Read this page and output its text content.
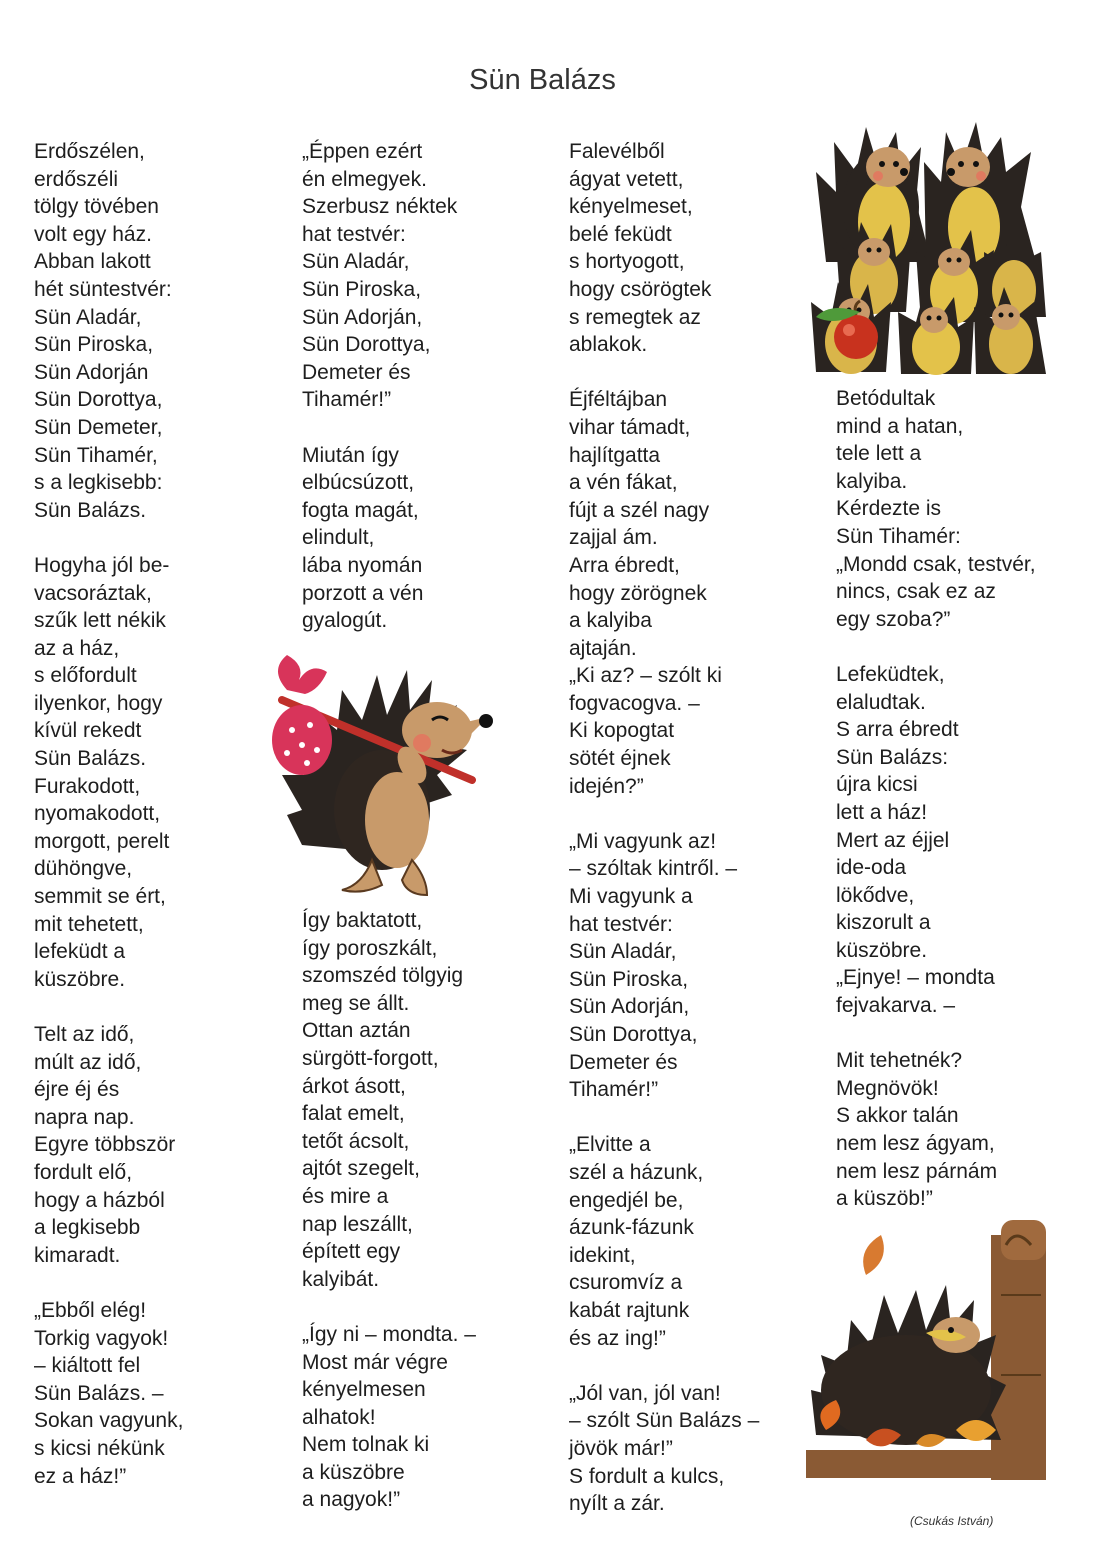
Sün Balázs
Erdőszélen,
erdőszéli
tölgy tövében
volt egy ház.
Abban lakott
hét süntestvér:
Sün Aladár,
Sün Piroska,
Sün Adorján
Sün Dorottya,
Sün Demeter,
Sün Tihamér,
s a legkisebb:
Sün Balázs.
Hogyha jól be-
vacsoráztak,
szűk lett nékik
az a ház,
s előfordult
ilyenkor, hogy
kívül rekedt
Sün Balázs.
Furakodott,
nyomakodott,
morgott, perelt
dühöngve,
semmit se ért,
mit tehetett,
lefeküdt a
küszöbre.
Telt az idő,
múlt az idő,
éjre éj és
napra nap.
Egyre többször
fordult elő,
hogy a házból
a legkisebb
kimaradt.
„Ebből elég!
Torkig vagyok!
– kiáltott fel
Sün Balázs. –
Sokan vagyunk,
s kicsi nékünk
ez a ház!”
„Éppen ezért
én elmegyek.
Szerbusz néktek
hat testvér:
Sün Aladár,
Sün Piroska,
Sün Adorján,
Sün Dorottya,
Demeter és
Tihamér!”
Miután így
elbúcsúzott,
fogta magát,
elindult,
lába nyomán
porzott a vén
gyalogút.
Így baktatott,
így poroszkált,
szomszéd tölgyig
meg se állt.
Ottan aztán
sürgött-forgott,
árkot ásott,
falat emelt,
tetőt ácsolt,
ajtót szegelt,
és mire a
nap leszállt,
épített egy
kalyibát.
„Így ni – mondta. –
Most már végre
kényelmesen
alhatok!
Nem tolnak ki
a küszöbre
a nagyok!”
Falevélből
ágyat vetett,
kényelmeset,
belé feküdt
s hortyogott,
hogy csörögtek
s remegtek az
ablakok.
Éjféltájban
vihar támadt,
hajlítgatta
a vén fákat,
fújt a szél nagy
zajjal ám.
Arra ébredt,
hogy zörögnek
a kalyiba
ajtaján.
„Ki az? – szólt ki
fogvacogva. –
Ki kopogtat
sötét éjnek
idején?”
„Mi vagyunk az!
– szóltak kintről. –
Mi vagyunk a
hat testvér:
Sün Aladár,
Sün Piroska,
Sün Adorján,
Sün Dorottya,
Demeter és
Tihamér!”
„Elvitte a
szél a házunk,
engedjél be,
ázunk-fázunk
idekint,
csuromvíz a
kabát rajtunk
és az ing!”
„Jól van, jól van!
– szólt Sün Balázs –
jövök már!”
S fordult a kulcs,
nyílt a zár.
Betódultak
mind a hatan,
tele lett a
kalyiba.
Kérdezte is
Sün Tihamér:
„Mondd csak, testvér,
nincs, csak ez az
egy szoba?”
Lefeküdtek,
elaludtak.
S arra ébredt
Sün Balázs:
újra kicsi
lett a ház!
Mert az éjjel
ide-oda
lökődve,
kiszorult a
küszöbre.
„Ejnye! – mondta
fejvakarva. –
Mit tehetnék?
Megnövök!
S akkor talán
nem lesz ágyam,
nem lesz párnám
a küszöb!”
(Csukás István)
